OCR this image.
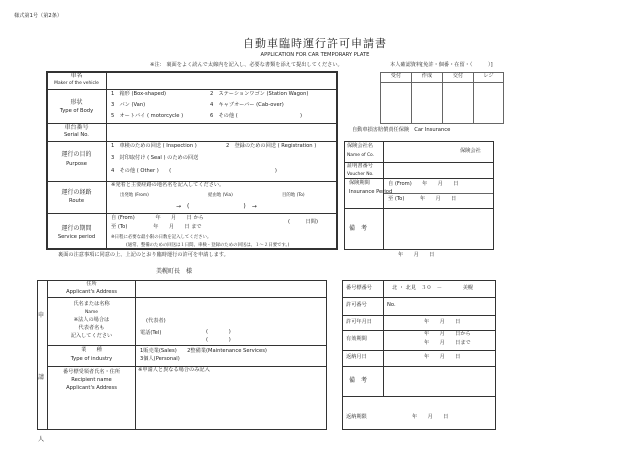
様式第1号（第2条）
自動車臨時運行許可申請書
APPLICATION FOR CAR TEMPORARY PLATE
※注： 裏面をよく読んで太線内を記入し、必要な書類を添えて提出してください。	本人確認資料[免許・個番・在留・（　　　）]
受付	作成	交付	レジ
車名
Maker of the vehicle
形状
Type of Body
1　箱形 (Box-shaped)	2　ステーションワゴン (Station Wagon)
3　バン (Van)	4　キャブオーバー (Cab-over)
5　オートバイ ( motorcycle )	6　その他 (　　　　　　　　　　　　)
車台番号
Serial No.
運行の目的
Purpose
1　車検のための回送 ( Inspection )	2　登録のための回送 ( Registration )
3　封印取付け ( Seal ) のための回送
4　その他 ( Other )　　(　　　　　　　　　　　　　　　　　　　　)
運行の経路
Route
※発着と主要経路の地名名を記入してください。
出発地 (From)	経由地 (Via)	目的地 (To)
→　(　　　　　　　　　)　→
運行の期間
Service period
自 (From)　　　　年　　月　　日 から
至 (To)　　　　　年　　月　　日 まで
(　　　日間)
※日程に必要な最小限の日数を記入してください。
(通常、整備のための回送は１日間、車検・登録のための回送は、１～２日要です。)
自動車損害賠償責任保険　Car Insurance
保険会社名
Name of Co.
保険会社
証明書番号
Voucher No.
保険期間
Insurance Period
自 (From)　　年　　月　　日
至 (To)　　　年　　月　　日
備　考
裏面の注意事項に同意の上、上記のとおり臨時運行の許可を申請します。	年　　月　　日
美幌町長　様
申請人
住所
Applicant's Address
氏名または名称
Name
※法人の場合は
代表者名も
記入してください
(代表者)
電話(Tel)	(　　　　)
(　　　　)
業　　種
Type of industry
1販売業(Sales)　　2整備業(Maintenance Services)
3個人(Personal)
番号標受領者氏名・住所
Recipient name
Applicant's Address
※申請人と異なる場合のみ記入
番号標番号	北 ・ 北見　３０　－　　　　美幌
許可番号	No.
許可年月日	年　　月　　日
有効期間
年　　月　　日から
年　　月　　日まで
返納月日	年　　月　　日
備　考
返納期限	年　　月　　日
